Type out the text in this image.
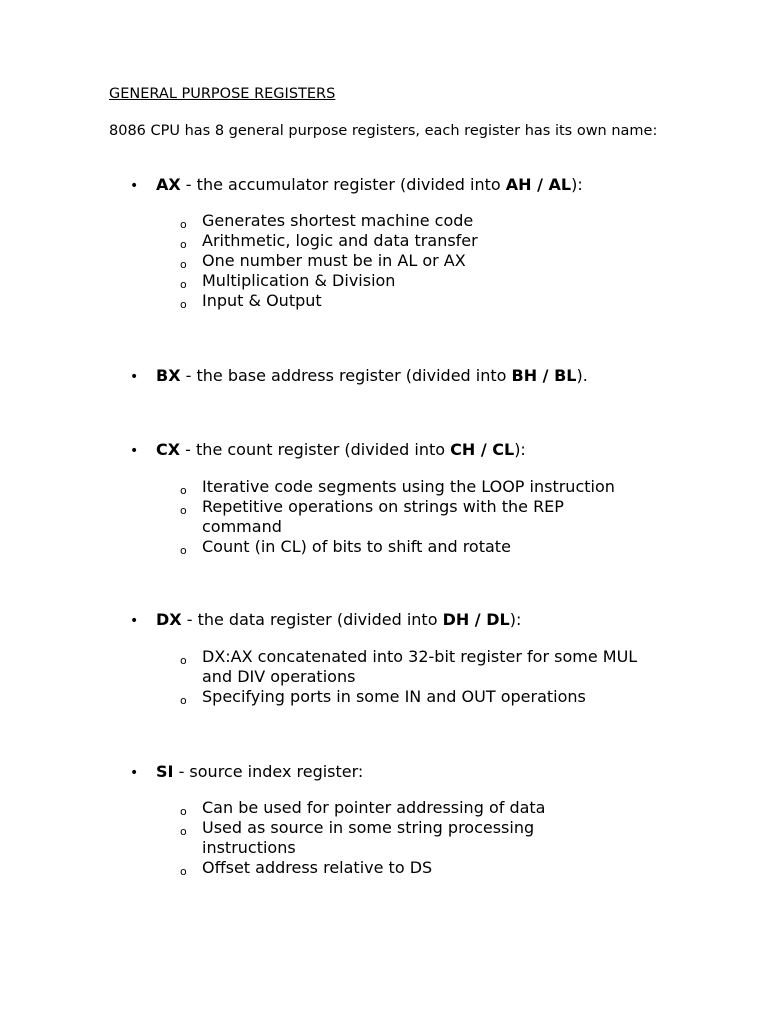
GENERAL PURPOSE REGISTERS
8086 CPU has 8 general purpose registers, each register has its own name:
• AX - the accumulator register (divided into AH / AL):
o Generates shortest machine code
o Arithmetic, logic and data transfer
o One number must be in AL or AX
o Multiplication & Division
o Input & Output
• BX - the base address register (divided into BH / BL).
• CX - the count register (divided into CH / CL):
o Iterative code segments using the LOOP instruction
o Repetitive operations on strings with the REP command
o Count (in CL) of bits to shift and rotate
• DX - the data register (divided into DH / DL):
o DX:AX concatenated into 32-bit register for some MUL and DIV operations
o Specifying ports in some IN and OUT operations
• SI - source index register:
o Can be used for pointer addressing of data
o Used as source in some string processing instructions
o Offset address relative to DS
